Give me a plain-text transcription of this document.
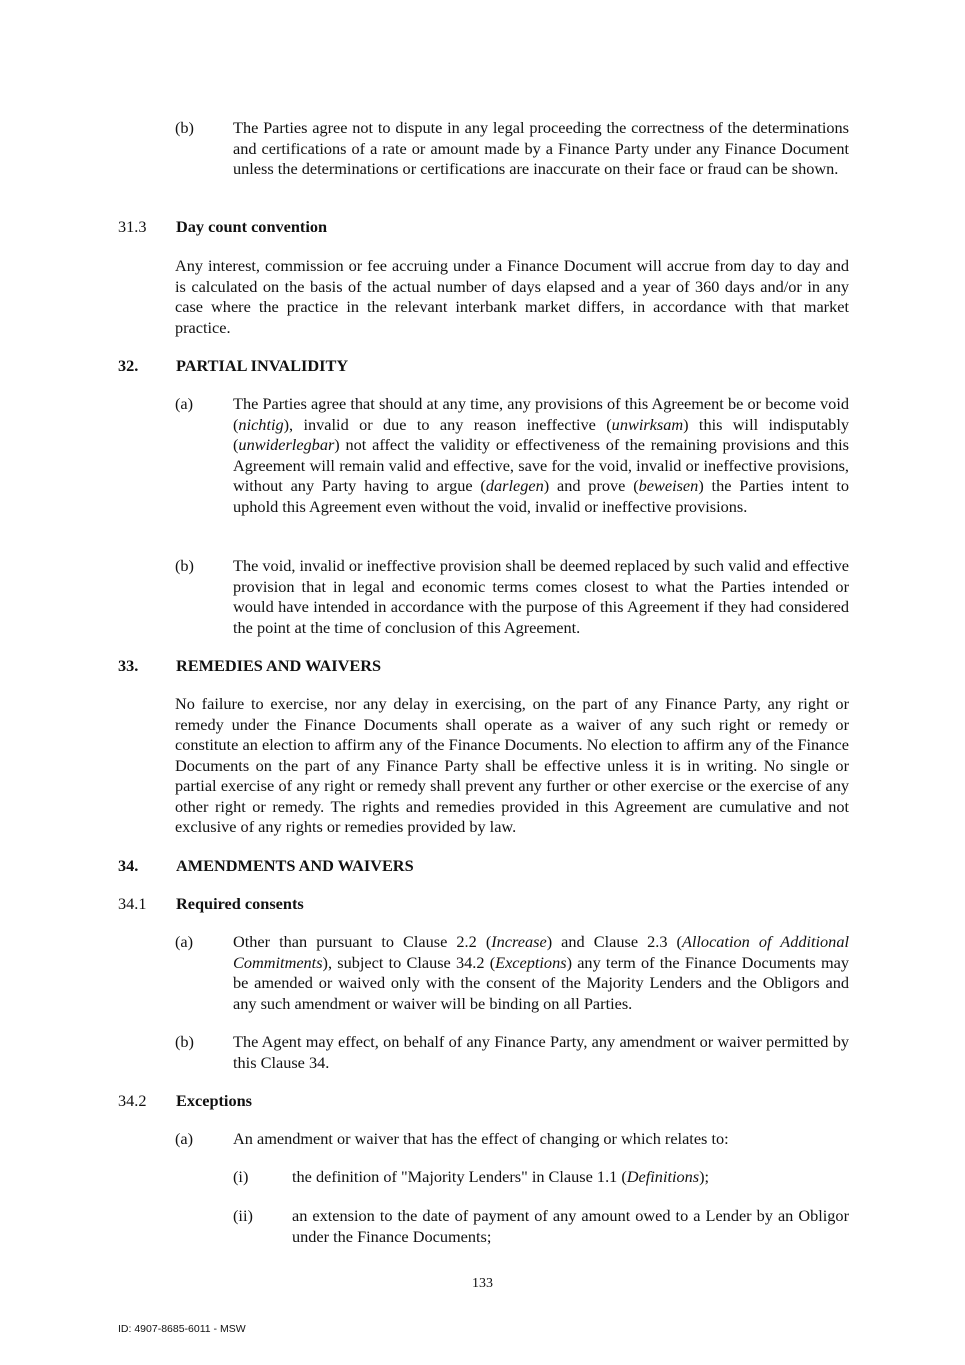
(b) The Parties agree not to dispute in any legal proceeding the correctness of the determinations and certifications of a rate or amount made by a Finance Party under any Finance Document unless the determinations or certifications are inaccurate on their face or fraud can be shown.
31.3 Day count convention
Any interest, commission or fee accruing under a Finance Document will accrue from day to day and is calculated on the basis of the actual number of days elapsed and a year of 360 days and/or in any case where the practice in the relevant interbank market differs, in accordance with that market practice.
32. PARTIAL INVALIDITY
(a) The Parties agree that should at any time, any provisions of this Agreement be or become void (nichtig), invalid or due to any reason ineffective (unwirksam) this will indisputably (unwiderlegbar) not affect the validity or effectiveness of the remaining provisions and this Agreement will remain valid and effective, save for the void, invalid or ineffective provisions, without any Party having to argue (darlegen) and prove (beweisen) the Parties intent to uphold this Agreement even without the void, invalid or ineffective provisions.
(b) The void, invalid or ineffective provision shall be deemed replaced by such valid and effective provision that in legal and economic terms comes closest to what the Parties intended or would have intended in accordance with the purpose of this Agreement if they had considered the point at the time of conclusion of this Agreement.
33. REMEDIES AND WAIVERS
No failure to exercise, nor any delay in exercising, on the part of any Finance Party, any right or remedy under the Finance Documents shall operate as a waiver of any such right or remedy or constitute an election to affirm any of the Finance Documents. No election to affirm any of the Finance Documents on the part of any Finance Party shall be effective unless it is in writing. No single or partial exercise of any right or remedy shall prevent any further or other exercise or the exercise of any other right or remedy. The rights and remedies provided in this Agreement are cumulative and not exclusive of any rights or remedies provided by law.
34. AMENDMENTS AND WAIVERS
34.1 Required consents
(a) Other than pursuant to Clause 2.2 (Increase) and Clause 2.3 (Allocation of Additional Commitments), subject to Clause 34.2 (Exceptions) any term of the Finance Documents may be amended or waived only with the consent of the Majority Lenders and the Obligors and any such amendment or waiver will be binding on all Parties.
(b) The Agent may effect, on behalf of any Finance Party, any amendment or waiver permitted by this Clause 34.
34.2 Exceptions
(a) An amendment or waiver that has the effect of changing or which relates to:
(i)	the definition of "Majority Lenders" in Clause 1.1 (Definitions);
(ii) an extension to the date of payment of any amount owed to a Lender by an Obligor under the Finance Documents;
133
ID: 4907-8685-6011 - MSW
